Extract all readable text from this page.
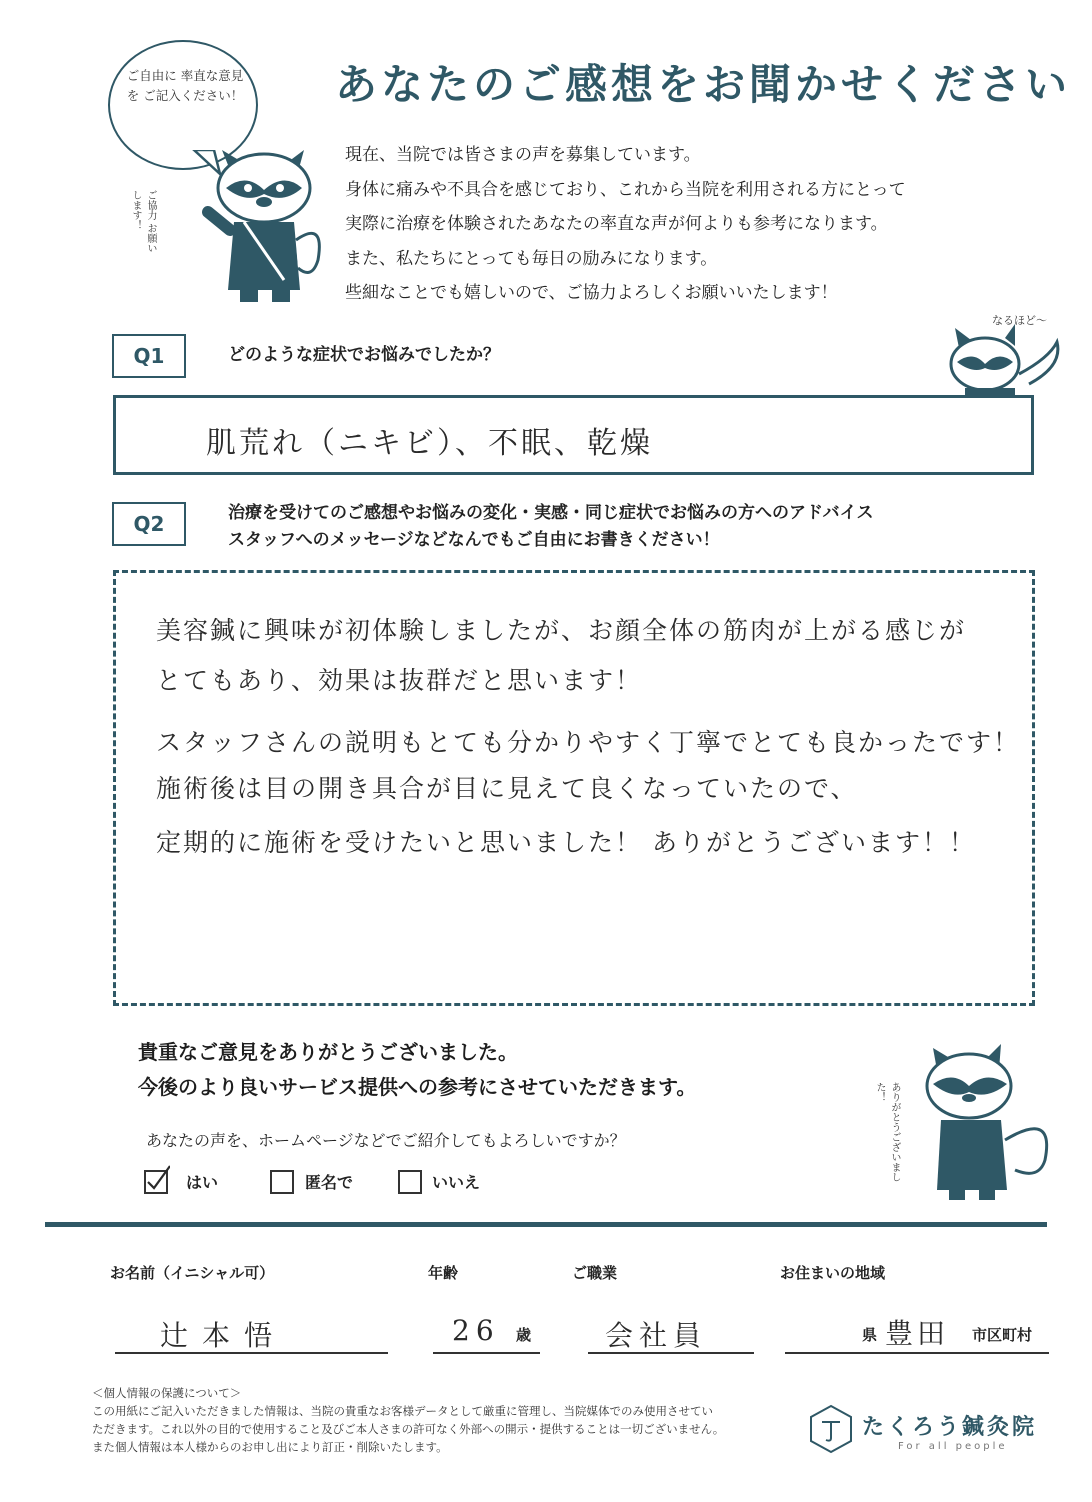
ご自由に 率直な意見を ご記入ください！
ご協力 お願いします！
あなたのご感想をお聞かせください
現在、当院では皆さまの声を募集しています。
身体に痛みや不具合を感じており、これから当院を利用される方にとって
実際に治療を体験されたあなたの率直な声が何よりも参考になります。
また、私たちにとっても毎日の励みになります。
些細なことでも嬉しいので、ご協力よろしくお願いいたします！
Q1	どのような症状でお悩みでしたか？
なるほど〜
肌荒れ（ニキビ）、不眠、乾燥
Q2	治療を受けてのご感想やお悩みの変化・実感・同じ症状でお悩みの方へのアドバイス
スタッフへのメッセージなどなんでもご自由にお書きください！
美容鍼に興味が初体験しましたが、お顔全体の筋肉が上がる感じが
とてもあり、効果は抜群だと思います！
スタッフさんの説明もとても分かりやすく丁寧でとても良かったです！
施術後は目の開き具合が目に見えて良くなっていたので、
定期的に施術を受けたいと思いました！ ありがとうございます！！
貴重なご意見をありがとうございました。
今後のより良いサービス提供への参考にさせていただきます。	ありがとうございました！
あなたの声を、ホームページなどでご紹介してもよろしいですか？
はい	匿名で	いいえ
お名前（イニシャル可）
辻本悟
年齢
26 歳
ご職業
会社員
お住まいの地域
県 豊田 市区町村
＜個人情報の保護について＞
この用紙にご記入いただきました情報は、当院の貴重なお客様データとして厳重に管理し、当院媒体でのみ使用させてい
ただきます。これ以外の目的で使用すること及びご本人さまの許可なく外部への開示・提供することは一切ございません。
また個人情報は本人様からのお申し出により訂正・削除いたします。
たくろう鍼灸院
For all people
